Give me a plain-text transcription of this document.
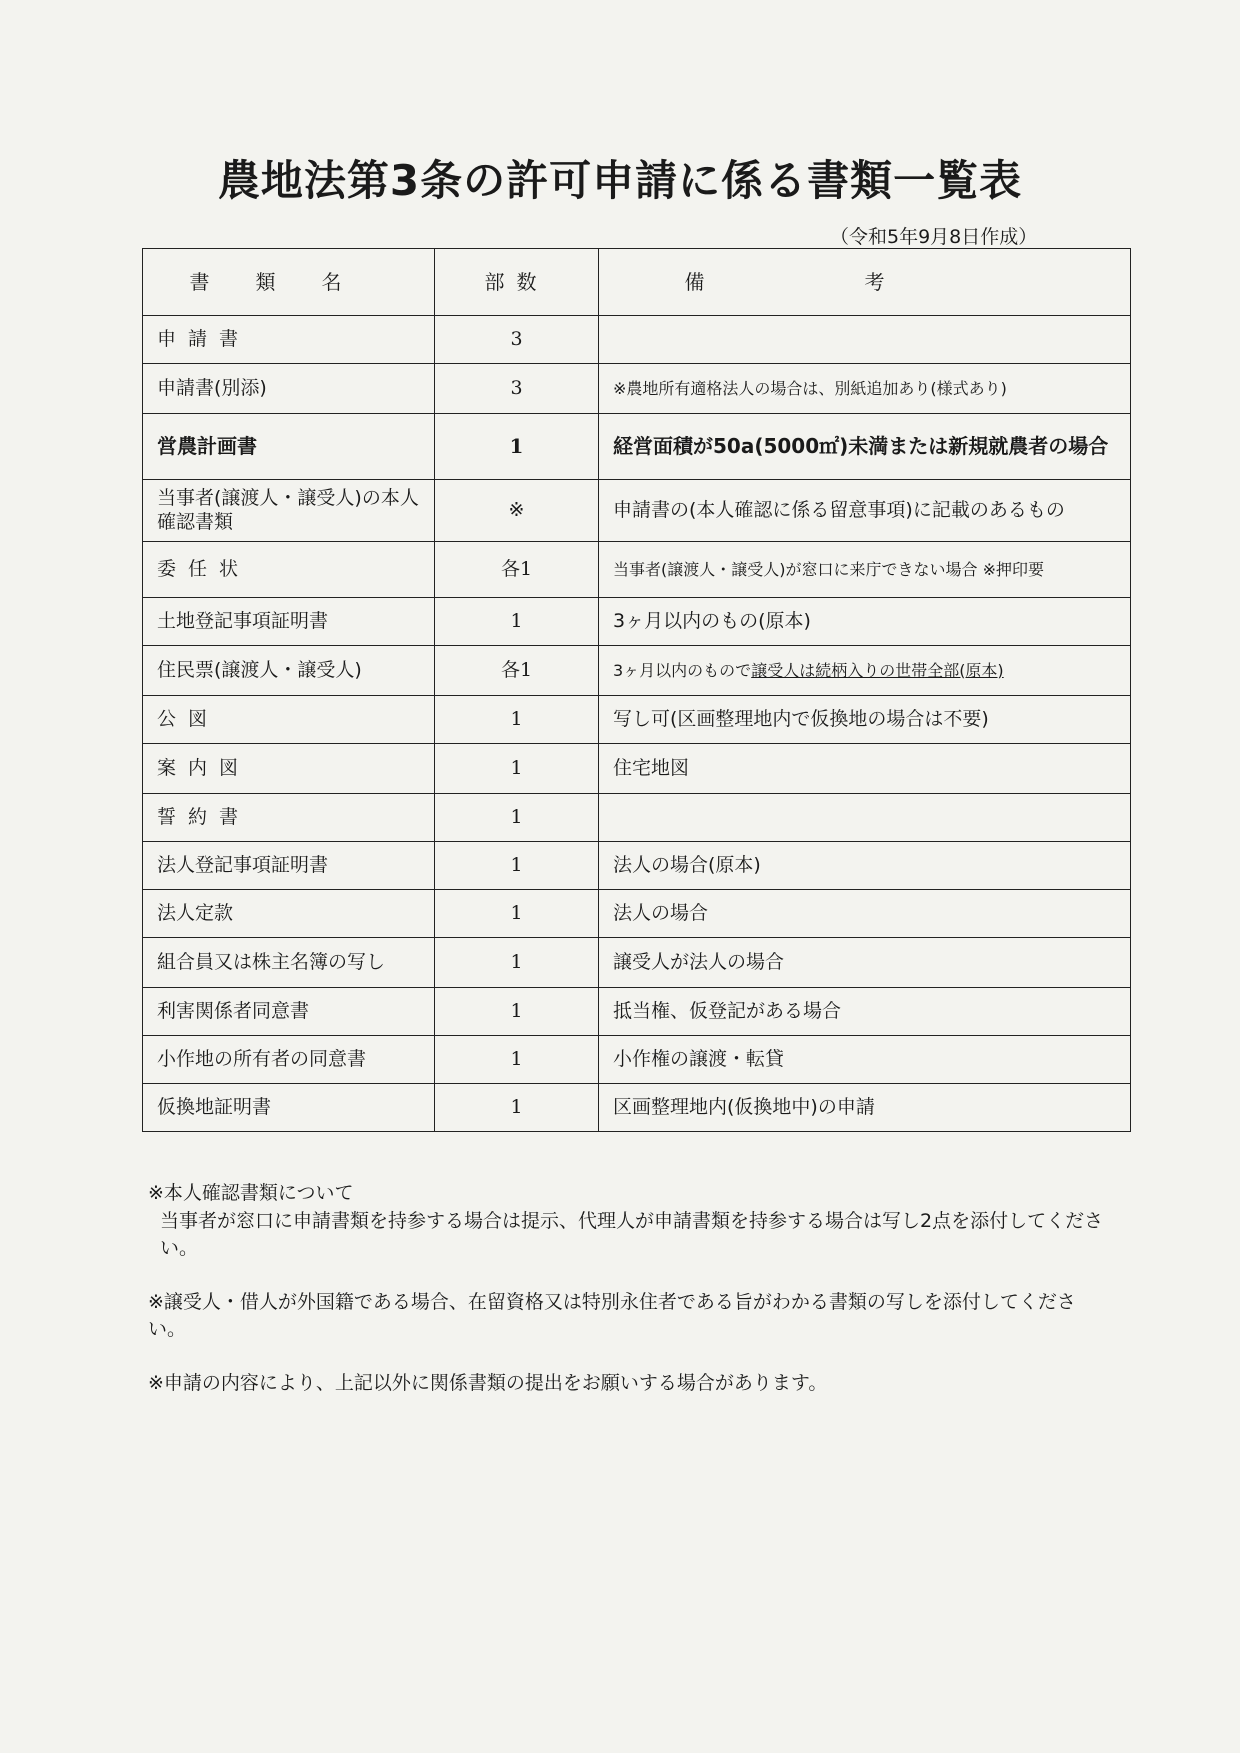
農地法第3条の許可申請に係る書類一覧表
（令和5年9月8日作成）
書類名	部数	備考
申請書	3	
申請書(別添)	3	※農地所有適格法人の場合は、別紙追加あり(様式あり)
営農計画書	1	経営面積が50a(5000㎡)未満または新規就農者の場合
当事者(譲渡人・譲受人)の本人確認書類	※	申請書の(本人確認に係る留意事項)に記載のあるもの
委任状	各1	当事者(譲渡人・譲受人)が窓口に来庁できない場合 ※押印要
土地登記事項証明書	1	3ヶ月以内のもの(原本)
住民票(譲渡人・譲受人)	各1	3ヶ月以内のもので譲受人は続柄入りの世帯全部(原本)
公図	1	写し可(区画整理地内で仮換地の場合は不要)
案内図	1	住宅地図
誓約書	1	
法人登記事項証明書	1	法人の場合(原本)
法人定款	1	法人の場合
組合員又は株主名簿の写し	1	譲受人が法人の場合
利害関係者同意書	1	抵当権、仮登記がある場合
小作地の所有者の同意書	1	小作権の譲渡・転貸
仮換地証明書	1	区画整理地内(仮換地中)の申請
※本人確認書類について
当事者が窓口に申請書類を持参する場合は提示、代理人が申請書類を持参する場合は写し2点を添付してください。
※譲受人・借人が外国籍である場合、在留資格又は特別永住者である旨がわかる書類の写しを添付してください。
※申請の内容により、上記以外に関係書類の提出をお願いする場合があります。
